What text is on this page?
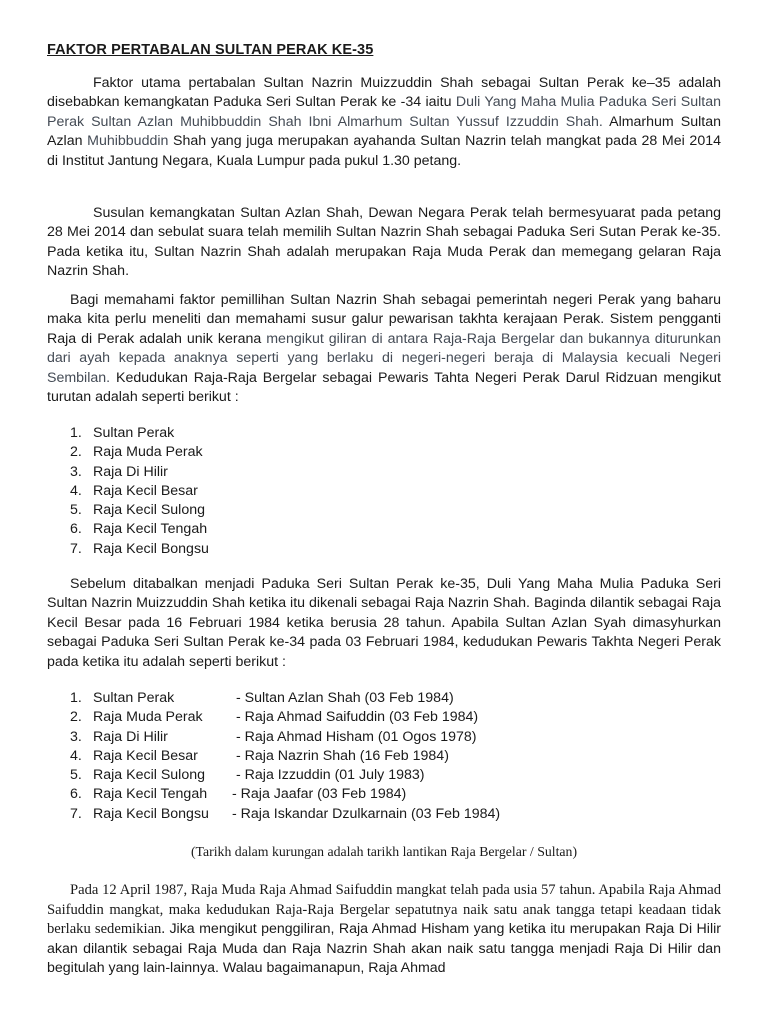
FAKTOR PERTABALAN SULTAN PERAK KE-35

Faktor utama pertabalan Sultan Nazrin Muizzuddin Shah sebagai Sultan Perak ke–35 adalah disebabkan kemangkatan Paduka Seri Sultan Perak ke -34 iaitu Duli Yang Maha Mulia Paduka Seri Sultan Perak Sultan Azlan Muhibbuddin Shah Ibni Almarhum Sultan Yussuf Izzuddin Shah. Almarhum Sultan Azlan Muhibbuddin Shah yang juga merupakan ayahanda Sultan Nazrin telah mangkat pada 28 Mei 2014 di Institut Jantung Negara, Kuala Lumpur pada pukul 1.30 petang.

Susulan kemangkatan Sultan Azlan Shah, Dewan Negara Perak telah bermesyuarat pada petang 28 Mei 2014 dan sebulat suara telah memilih Sultan Nazrin Shah sebagai Paduka Seri Sutan Perak ke-35. Pada ketika itu, Sultan Nazrin Shah adalah merupakan Raja Muda Perak dan memegang gelaran Raja Nazrin Shah.

Bagi memahami faktor pemillihan Sultan Nazrin Shah sebagai pemerintah negeri Perak yang baharu maka kita perlu meneliti dan memahami susur galur pewarisan takhta kerajaan Perak. Sistem pengganti Raja di Perak adalah unik kerana mengikut giliran di antara Raja-Raja Bergelar dan bukannya diturunkan dari ayah kepada anaknya seperti yang berlaku di negeri-negeri beraja di Malaysia kecuali Negeri Sembilan. Kedudukan Raja-Raja Bergelar sebagai Pewaris Tahta Negeri Perak Darul Ridzuan mengikut turutan adalah seperti berikut :

1. Sultan Perak
2. Raja Muda Perak
3. Raja Di Hilir
4. Raja Kecil Besar
5. Raja Kecil Sulong
6. Raja Kecil Tengah
7. Raja Kecil Bongsu

Sebelum ditabalkan menjadi Paduka Seri Sultan Perak ke-35, Duli Yang Maha Mulia Paduka Seri Sultan Nazrin Muizzuddin Shah ketika itu dikenali sebagai Raja Nazrin Shah. Baginda dilantik sebagai Raja Kecil Besar pada 16 Februari 1984 ketika berusia 28 tahun. Apabila Sultan Azlan Syah dimasyhurkan sebagai Paduka Seri Sultan Perak ke-34 pada 03 Februari 1984, kedudukan Pewaris Takhta Negeri Perak pada ketika itu adalah seperti berikut :

1. Sultan Perak	- Sultan Azlan Shah (03 Feb 1984)
2. Raja Muda Perak - Raja Ahmad Saifuddin (03 Feb 1984)
3. Raja Di Hilir	- Raja Ahmad Hisham (01 Ogos 1978)
4. Raja Kecil Besar	- Raja Nazrin Shah (16 Feb 1984)
5. Raja Kecil Sulong - Raja Izzuddin (01 July 1983)
6. Raja Kecil Tengah - Raja Jaafar (03 Feb 1984)
7. Raja Kecil Bongsu - Raja Iskandar Dzulkarnain (03 Feb 1984)
(Tarikh dalam kurungan adalah tarikh lantikan Raja Bergelar / Sultan)

Pada 12 April 1987, Raja Muda Raja Ahmad Saifuddin mangkat telah pada usia 57 tahun. Apabila Raja Ahmad Saifuddin mangkat, maka kedudukan Raja-Raja Bergelar sepatutnya naik satu anak tangga tetapi keadaan tidak berlaku sedemikian. Jika mengikut penggiliran, Raja Ahmad Hisham yang ketika itu merupakan Raja Di Hilir akan dilantik sebagai Raja Muda dan Raja Nazrin Shah akan naik satu tangga menjadi Raja Di Hilir dan begitulah yang lain-lainnya. Walau bagaimanapun, Raja Ahmad
